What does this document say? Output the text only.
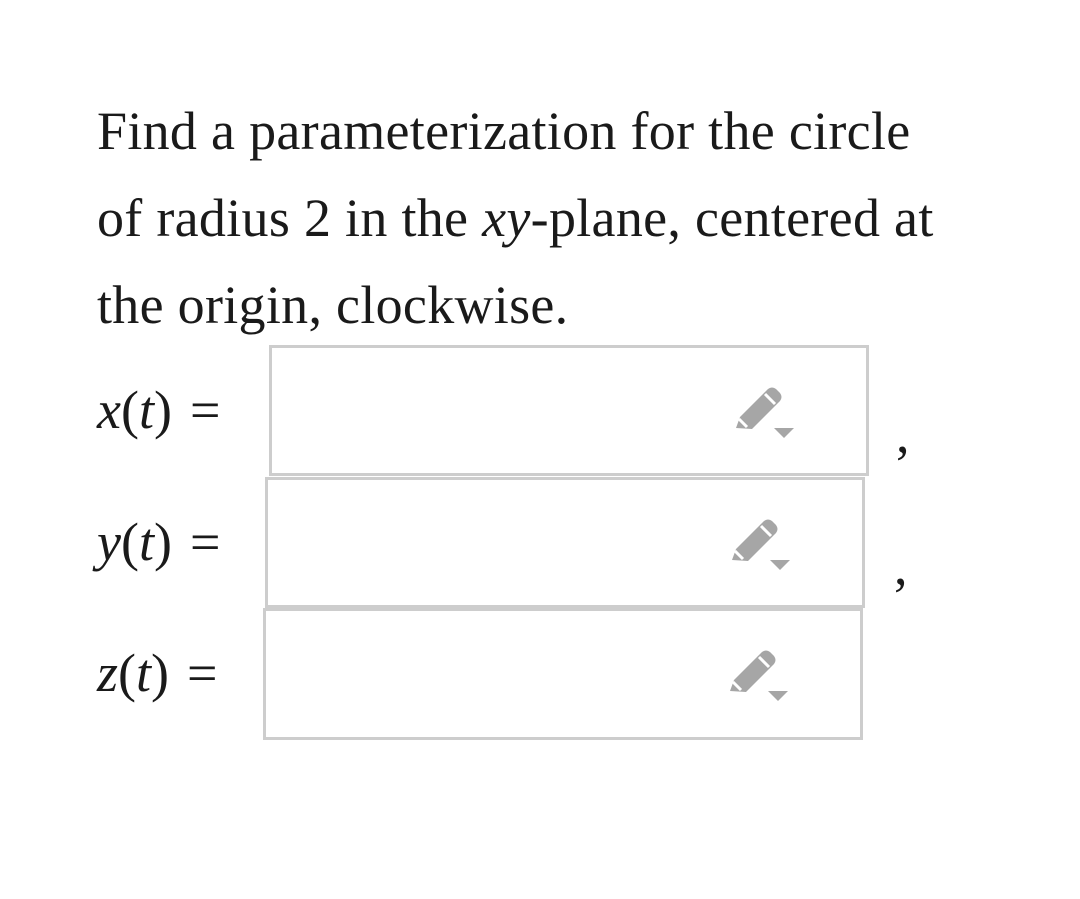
Find a parameterization for the circle of radius 2 in the xy-plane, centered at the origin, clockwise.
x(t) =	,
y(t) =	,
z(t) =
